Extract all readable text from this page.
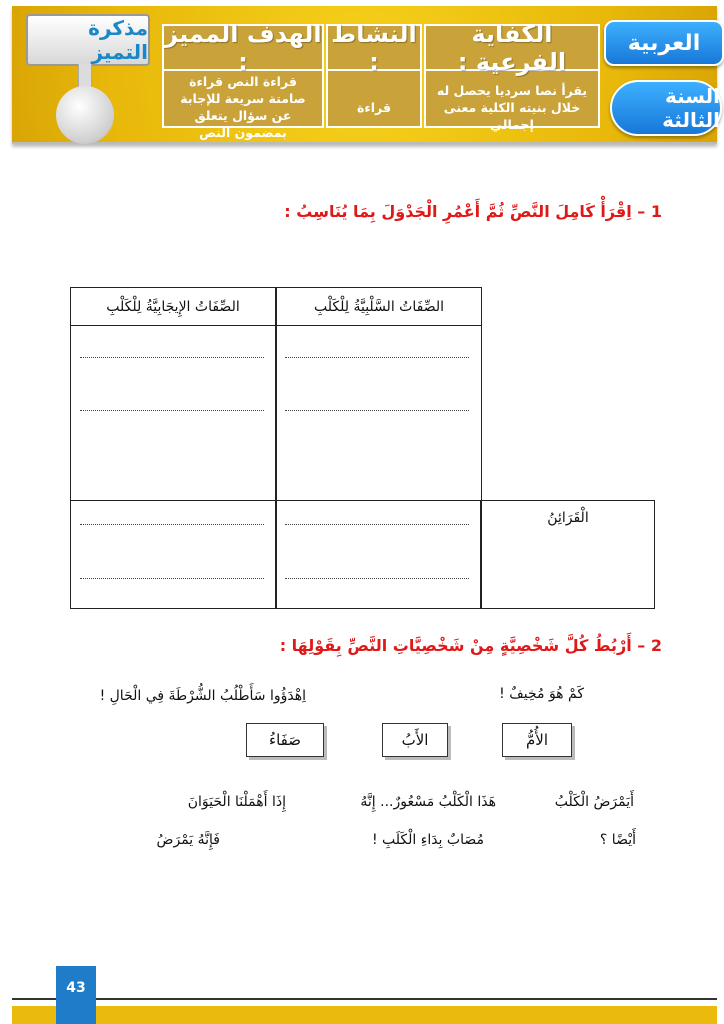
مذكرة التميز
الهدف المميز :
قراءة النص قراءة صامتة سريعة للإجابة عن سؤال يتعلق بمضمون النص
النشاط :
قراءة
الكفاية الفرعية :
يقرأ نصا سرديا يحصل له خلال بنيته الكلية معنى إجمالي
العربية
السنة الثالثة
1 – اِقْرَأْ كَامِلَ النَّصِّ ثُمَّ أَعْمُرِ الْجَدْوَلَ بِمَا يُنَاسِبُ :
الصِّفَاتُ الإِيجَابِيَّةُ لِلْكَلْبِ	الصِّفَاتُ السَّلْبِيَّةُ لِلْكَلْبِ
الْقَرَائِنُ
2 – أَرْبُطُ كُلَّ شَخْصِيَّةٍ مِنْ شَخْصِيَّاتِ النَّصِّ بِقَوْلِهَا :
كَمْ هُوَ مُخِيفٌ !
اِهْدَؤُوا سَأَطْلُبُ الشُّرْطَةَ فِي الْحَالِ !
الأُمُّ
الأَبُ
صَفَاءُ
أَيَمْرَضُ الْكَلْبُ
أَيْضًا ؟
هَذَا الْكَلْبُ مَسْعُورٌ... إِنَّهُ
مُصَابٌ بِدَاءِ الْكَلَبِ !
إِذَا أَهْمَلْنَا الْحَيَوَانَ
فَإِنَّهُ يَمْرَضُ
43
